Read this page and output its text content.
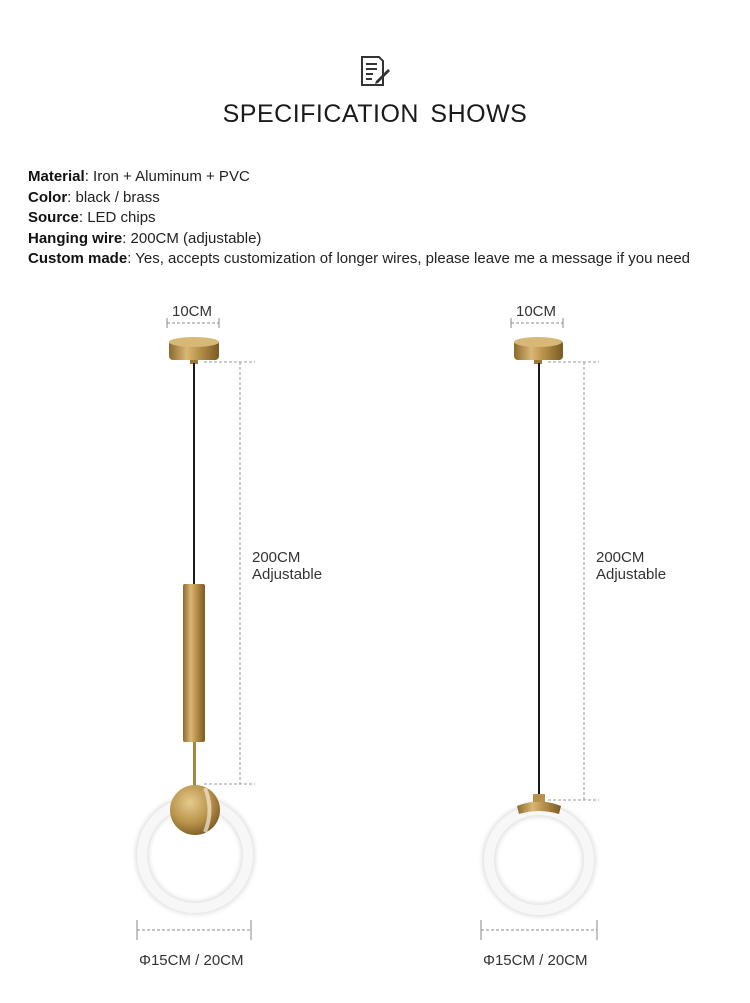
SPECIFICATION SHOWS
Material: Iron + Aluminum + PVC
Color: black / brass
Source: LED chips
Hanging wire: 200CM (adjustable)
Custom made: Yes, accepts customization of longer wires, please leave me a message if you need
10CM
200CM
Adjustable
Φ15CM / 20CM
10CM
200CM
Adjustable
Φ15CM / 20CM
